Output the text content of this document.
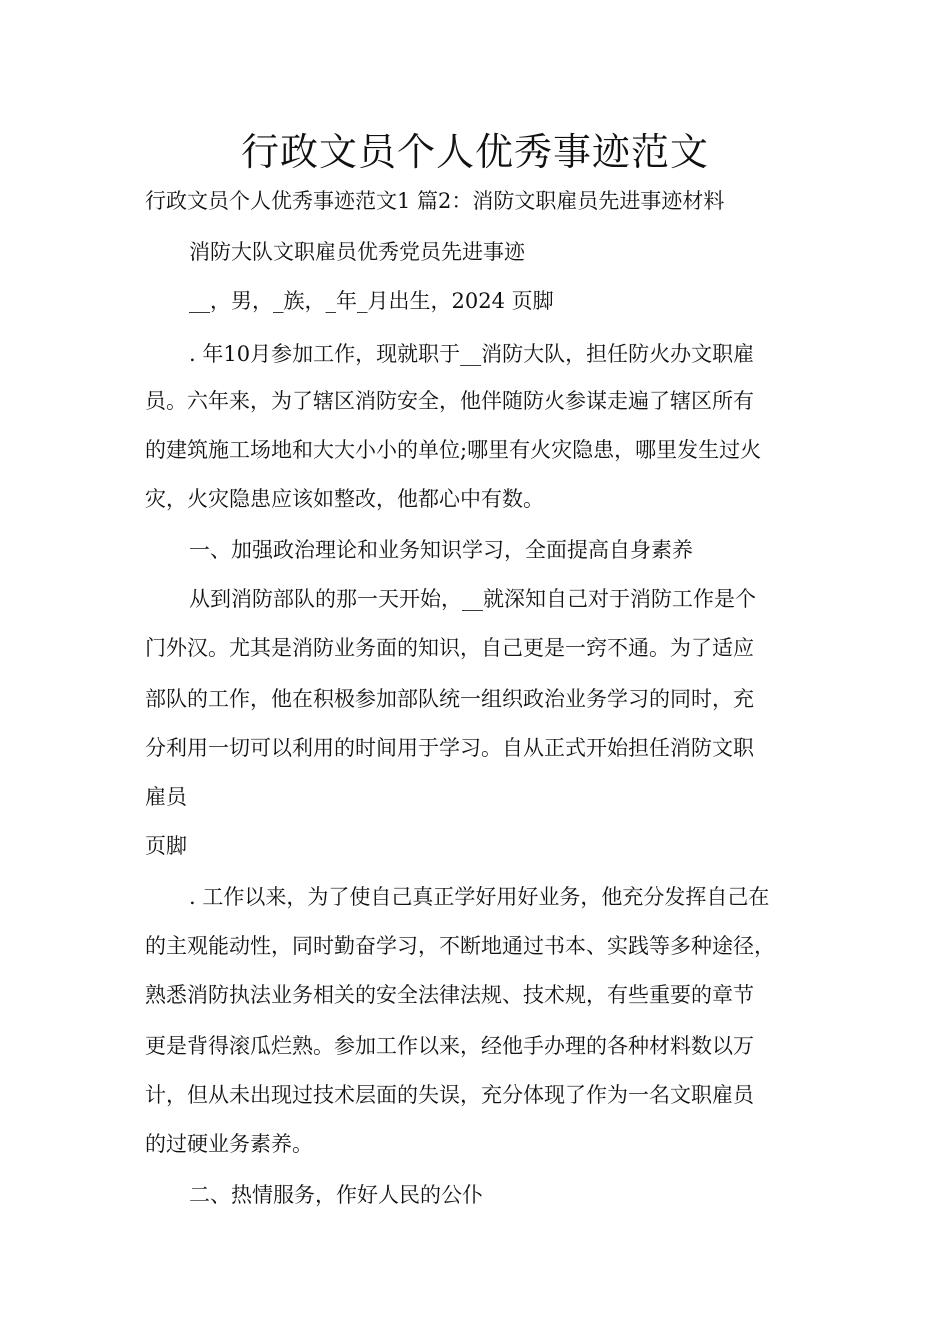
行政文员个人优秀事迹范文
行政文员个人优秀事迹范文1 篇2：消防文职雇员先进事迹材料
消防大队文职雇员优秀党员先进事迹
__，男，_族，_年_月出生，2024 页脚
. 年10月参加工作，现就职于__消防大队，担任防火办文职雇
员。六年来，为了辖区消防安全，他伴随防火参谋走遍了辖区所有
的建筑施工场地和大大小小的单位;哪里有火灾隐患，哪里发生过火
灾，火灾隐患应该如整改，他都心中有数。
一、加强政治理论和业务知识学习，全面提高自身素养
从到消防部队的那一天开始，__就深知自己对于消防工作是个
门外汉。尤其是消防业务面的知识，自己更是一窍不通。为了适应
部队的工作，他在积极参加部队统一组织政治业务学习的同时，充
分利用一切可以利用的时间用于学习。自从正式开始担任消防文职
雇员
页脚
. 工作以来，为了使自己真正学好用好业务，他充分发挥自己在
的主观能动性，同时勤奋学习，不断地通过书本、实践等多种途径，
熟悉消防执法业务相关的安全法律法规、技术规，有些重要的章节
更是背得滚瓜烂熟。参加工作以来，经他手办理的各种材料数以万
计，但从未出现过技术层面的失误，充分体现了作为一名文职雇员
的过硬业务素养。
二、热情服务，作好人民的公仆
